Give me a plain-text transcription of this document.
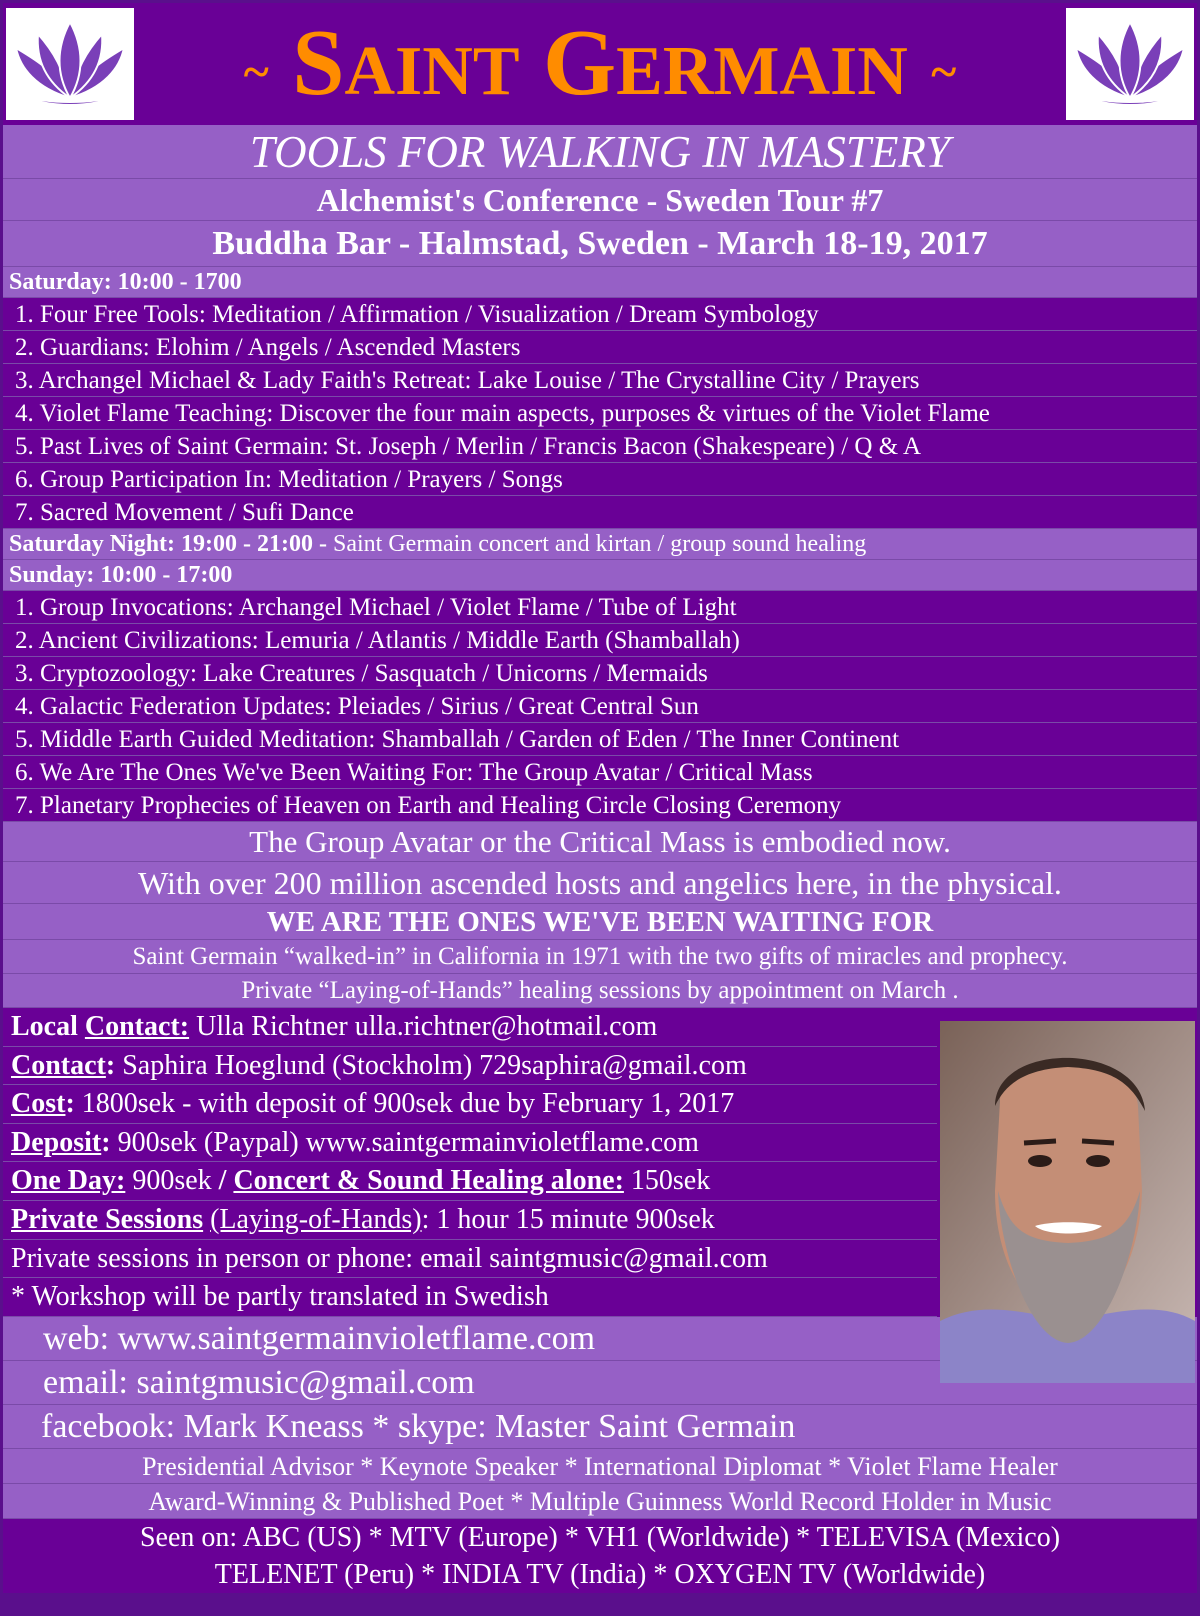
~ SAINT GERMAIN ~
TOOLS FOR WALKING IN MASTERY
Alchemist's Conference - Sweden Tour #7
Buddha Bar - Halmstad, Sweden - March 18-19, 2017
Saturday: 10:00 - 1700
1. Four Free Tools: Meditation / Affirmation / Visualization / Dream Symbology
2. Guardians: Elohim / Angels / Ascended Masters
3. Archangel Michael & Lady Faith's Retreat: Lake Louise / The Crystalline City / Prayers
4. Violet Flame Teaching: Discover the four main aspects, purposes & virtues of the Violet Flame
5. Past Lives of Saint Germain: St. Joseph / Merlin / Francis Bacon (Shakespeare) / Q & A
6. Group Participation In: Meditation / Prayers / Songs
7. Sacred Movement / Sufi Dance
Saturday Night: 19:00 - 21:00 - Saint Germain concert and kirtan / group sound healing
Sunday: 10:00 - 17:00
1. Group Invocations: Archangel Michael / Violet Flame / Tube of Light
2. Ancient Civilizations: Lemuria / Atlantis / Middle Earth (Shamballah)
3. Cryptozoology: Lake Creatures / Sasquatch / Unicorns / Mermaids
4. Galactic Federation Updates: Pleiades / Sirius / Great Central Sun
5. Middle Earth Guided Meditation: Shamballah / Garden of Eden / The Inner Continent
6. We Are The Ones We've Been Waiting For: The Group Avatar / Critical Mass
7. Planetary Prophecies of Heaven on Earth and Healing Circle Closing Ceremony
The Group Avatar or the Critical Mass is embodied now.
With over 200 million ascended hosts and angelics here, in the physical.
WE ARE THE ONES WE'VE BEEN WAITING FOR
Saint Germain “walked-in” in California in 1971 with the two gifts of miracles and prophecy.
Private “Laying-of-Hands” healing sessions by appointment on March .
Local Contact: Ulla Richtner ulla.richtner@hotmail.com
Contact: Saphira Hoeglund (Stockholm) 729saphira@gmail.com
Cost: 1800sek - with deposit of 900sek due by February 1, 2017
Deposit: 900sek (Paypal) www.saintgermainvioletflame.com
One Day: 900sek / Concert & Sound Healing alone: 150sek
Private Sessions (Laying-of-Hands): 1 hour 15 minute 900sek
Private sessions in person or phone: email saintgmusic@gmail.com
* Workshop will be partly translated in Swedish
web: www.saintgermainvioletflame.com
email: saintgmusic@gmail.com
facebook: Mark Kneass * skype: Master Saint Germain
Presidential Advisor * Keynote Speaker * International Diplomat * Violet Flame Healer
Award-Winning & Published Poet * Multiple Guinness World Record Holder in Music
Seen on: ABC (US) * MTV (Europe) * VH1 (Worldwide) * TELEVISA (Mexico)
TELENET (Peru) * INDIA TV (India) * OXYGEN TV (Worldwide)
